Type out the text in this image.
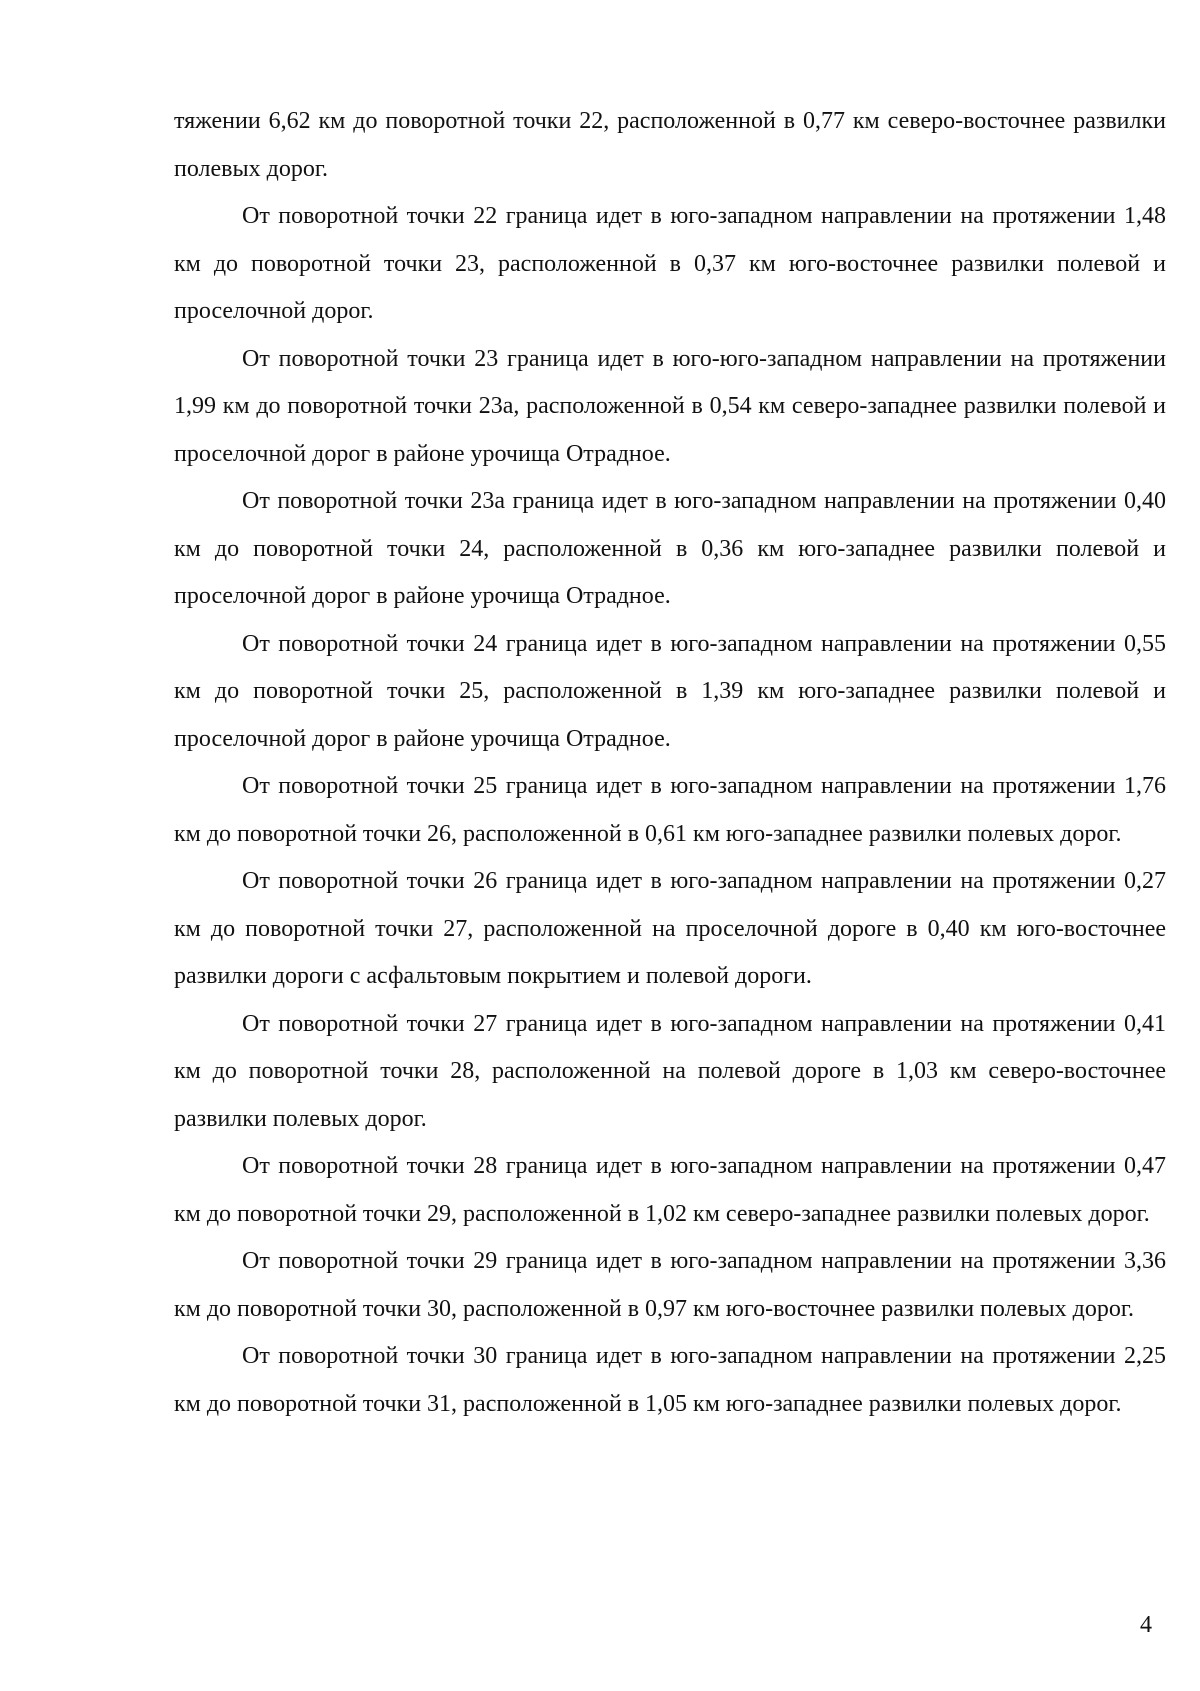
тяжении 6,62 км до поворотной точки 22, расположенной в 0,77 км северо-восточнее развилки полевых дорог.

От поворотной точки 22 граница идет в юго-западном направлении на протяжении 1,48 км до поворотной точки 23, расположенной в 0,37 км юго-восточнее развилки полевой и проселочной дорог.

От поворотной точки 23 граница идет в юго-юго-западном направлении на протяжении 1,99 км до поворотной точки 23а, расположенной в 0,54 км северо-западнее развилки полевой и проселочной дорог в районе урочища Отрадное.

От поворотной точки 23а граница идет в юго-западном направлении на протяжении 0,40 км до поворотной точки 24, расположенной в 0,36 км юго-западнее развилки полевой и проселочной дорог в районе урочища Отрадное.

От поворотной точки 24 граница идет в юго-западном направлении на протяжении 0,55 км до поворотной точки 25, расположенной в 1,39 км юго-западнее развилки полевой и проселочной дорог в районе урочища Отрадное.

От поворотной точки 25 граница идет в юго-западном направлении на протяжении 1,76 км до поворотной точки 26, расположенной в 0,61 км юго-западнее развилки полевых дорог.

От поворотной точки 26 граница идет в юго-западном направлении на протяжении 0,27 км до поворотной точки 27, расположенной на проселочной дороге в 0,40 км юго-восточнее развилки дороги с асфальтовым покрытием и полевой дороги.

От поворотной точки 27 граница идет в юго-западном направлении на протяжении 0,41 км до поворотной точки 28, расположенной на полевой дороге в 1,03 км северо-восточнее развилки полевых дорог.

От поворотной точки 28 граница идет в юго-западном направлении на протяжении 0,47 км до поворотной точки 29, расположенной в 1,02 км северо-западнее развилки полевых дорог.

От поворотной точки 29 граница идет в юго-западном направлении на протяжении 3,36 км до поворотной точки 30, расположенной в 0,97 км юго-восточнее развилки полевых дорог.

От поворотной точки 30 граница идет в юго-западном направлении на протяжении 2,25 км до поворотной точки 31, расположенной в 1,05 км юго-западнее развилки полевых дорог.

4
